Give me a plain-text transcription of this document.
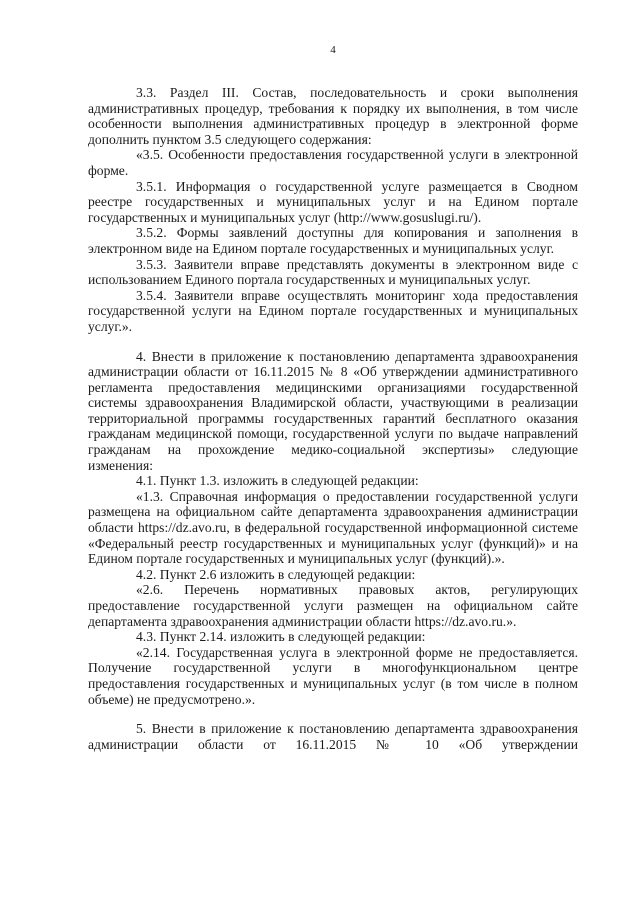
4

3.3. Раздел III. Состав, последовательность и сроки выполнения административных процедур, требования к порядку их выполнения, в том числе особенности выполнения административных процедур в электронной форме дополнить пунктом 3.5 следующего содержания:

«3.5. Особенности предоставления государственной услуги в электронной форме.

3.5.1. Информация о государственной услуге размещается в Сводном реестре государственных и муниципальных услуг и на Едином портале государственных и муниципальных услуг (http://www.gosuslugi.ru/).

3.5.2. Формы заявлений доступны для копирования и заполнения в электронном виде на Едином портале государственных и муниципальных услуг.

3.5.3. Заявители вправе представлять документы в электронном виде с использованием Единого портала государственных и муниципальных услуг.

3.5.4. Заявители вправе осуществлять мониторинг хода предоставления государственной услуги на Едином портале государственных и муниципальных услуг.».

4. Внести в приложение к постановлению департамента здравоохранения администрации области от 16.11.2015 № 8 «Об утверждении административного регламента предоставления медицинскими организациями государственной системы здравоохранения Владимирской области, участвующими в реализации территориальной программы государственных гарантий бесплатного оказания гражданам медицинской помощи, государственной услуги по выдаче направлений гражданам на прохождение медико-социальной экспертизы» следующие изменения:

4.1. Пункт 1.3. изложить в следующей редакции:

«1.3. Справочная информация о предоставлении государственной услуги размещена на официальном сайте департамента здравоохранения администрации области https://dz.avo.ru, в федеральной государственной информационной системе «Федеральный реестр государственных и муниципальных услуг (функций)» и на Едином портале государственных и муниципальных услуг (функций).».

4.2. Пункт 2.6 изложить в следующей редакции:

«2.6. Перечень нормативных правовых актов, регулирующих предоставление государственной услуги размещен на официальном сайте департамента здравоохранения администрации области https://dz.avo.ru.».

4.3. Пункт 2.14. изложить в следующей редакции:

«2.14. Государственная услуга в электронной форме не предоставляется. Получение государственной услуги в многофункциональном центре предоставления государственных и муниципальных услуг (в том числе в полном объеме) не предусмотрено.».

5. Внести в приложение к постановлению департамента здравоохранения администрации области от 16.11.2015 № 10 «Об утверждении
